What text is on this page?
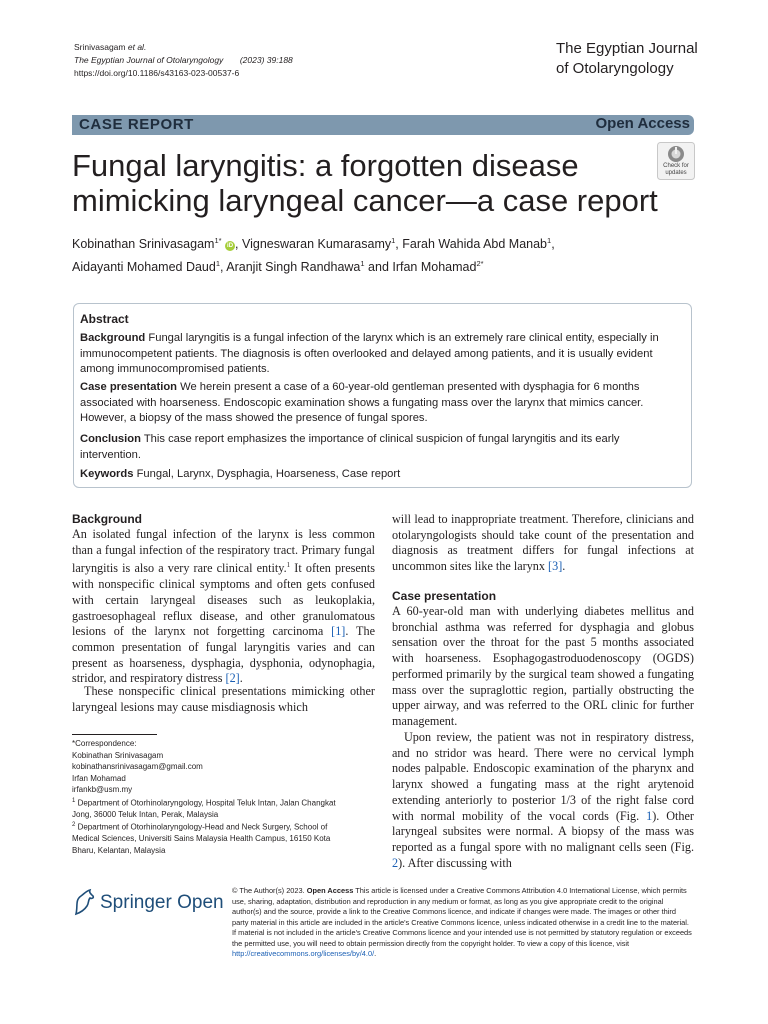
Srinivasagam et al.
The Egyptian Journal of Otolaryngology (2023) 39:188
https://doi.org/10.1186/s43163-023-00537-6
The Egyptian Journal
of Otolaryngology
CASE REPORT	Open Access
Fungal laryngitis: a forgotten disease
mimicking laryngeal cancer—a case report
Check for
updates
Kobinathan Srinivasagam$^{1*}$ iD , Vigneswaran Kumarasamy$^1$, Farah Wahida Abd Manab$^1$,
Aidayanti Mohamed Daud$^1$, Aranjit Singh Randhawa$^1$ and Irfan Mohamad$^{2*}$
Abstract
Background Fungal laryngitis is a fungal infection of the larynx which is an extremely rare clinical entity, especially in immunocompetent patients. The diagnosis is often overlooked and delayed among patients, and it is usually evident among immunocompromised patients.
Case presentation We herein present a case of a 60-year-old gentleman presented with dysphagia for 6 months associated with hoarseness. Endoscopic examination shows a fungating mass over the larynx that mimics cancer. However, a biopsy of the mass showed the presence of fungal spores.
Conclusion This case report emphasizes the importance of clinical suspicion of fungal laryngitis and its early intervention.
Keywords Fungal, Larynx, Dysphagia, Hoarseness, Case report
Background
An isolated fungal infection of the larynx is less common than a fungal infection of the respiratory tract. Primary fungal laryngitis is also a very rare clinical entity.$^1$ It often presents with nonspecific clinical symptoms and often gets confused with certain laryngeal diseases such as leukoplakia, gastroesophageal reflux disease, and other granulomatous lesions of the larynx not forgetting carcinoma [1]. The common presentation of fungal laryngitis varies and can present as hoarseness, dysphagia, dysphonia, odynophagia, stridor, and respiratory distress [2].
These nonspecific clinical presentations mimicking other laryngeal lesions may cause misdiagnosis which
*Correspondence:
Kobinathan Srinivasagam
kobinathansrinivasagam@gmail.com
Irfan Mohamad
irfankb@usm.my
$^1$ Department of Otorhinolaryngology, Hospital Teluk Intan, Jalan Changkat Jong, 36000 Teluk Intan, Perak, Malaysia
$^2$ Department of Otorhinolaryngology-Head and Neck Surgery, School of Medical Sciences, Universiti Sains Malaysia Health Campus, 16150 Kota Bharu, Kelantan, Malaysia
will lead to inappropriate treatment. Therefore, clinicians and otolaryngologists should take count of the presentation and diagnosis as treatment differs for fungal infections at uncommon sites like the larynx [3].
Case presentation
A 60-year-old man with underlying diabetes mellitus and bronchial asthma was referred for dysphagia and globus sensation over the throat for the past 5 months associated with hoarseness. Esophagogastroduodenoscopy (OGDS) performed primarily by the surgical team showed a fungating mass over the supraglottic region, partially obstructing the upper airway, and was referred to the ORL clinic for further management.
Upon review, the patient was not in respiratory distress, and no stridor was heard. There were no cervical lymph nodes palpable. Endoscopic examination of the pharynx and larynx showed a fungating mass at the right arytenoid extending anteriorly to posterior 1/3 of the right false cord with normal mobility of the vocal cords (Fig. 1). Other laryngeal subsites were normal. A biopsy of the mass was reported as a fungal spore with no malignant cells seen (Fig. 2). After discussing with
Springer Open
© The Author(s) 2023. Open Access This article is licensed under a Creative Commons Attribution 4.0 International License, which permits use, sharing, adaptation, distribution and reproduction in any medium or format, as long as you give appropriate credit to the original author(s) and the source, provide a link to the Creative Commons licence, and indicate if changes were made. The images or other third party material in this article are included in the article's Creative Commons licence, unless indicated otherwise in a credit line to the material. If material is not included in the article's Creative Commons licence and your intended use is not permitted by statutory regulation or exceeds the permitted use, you will need to obtain permission directly from the copyright holder. To view a copy of this licence, visit http://creativecommons.org/licenses/by/4.0/.
